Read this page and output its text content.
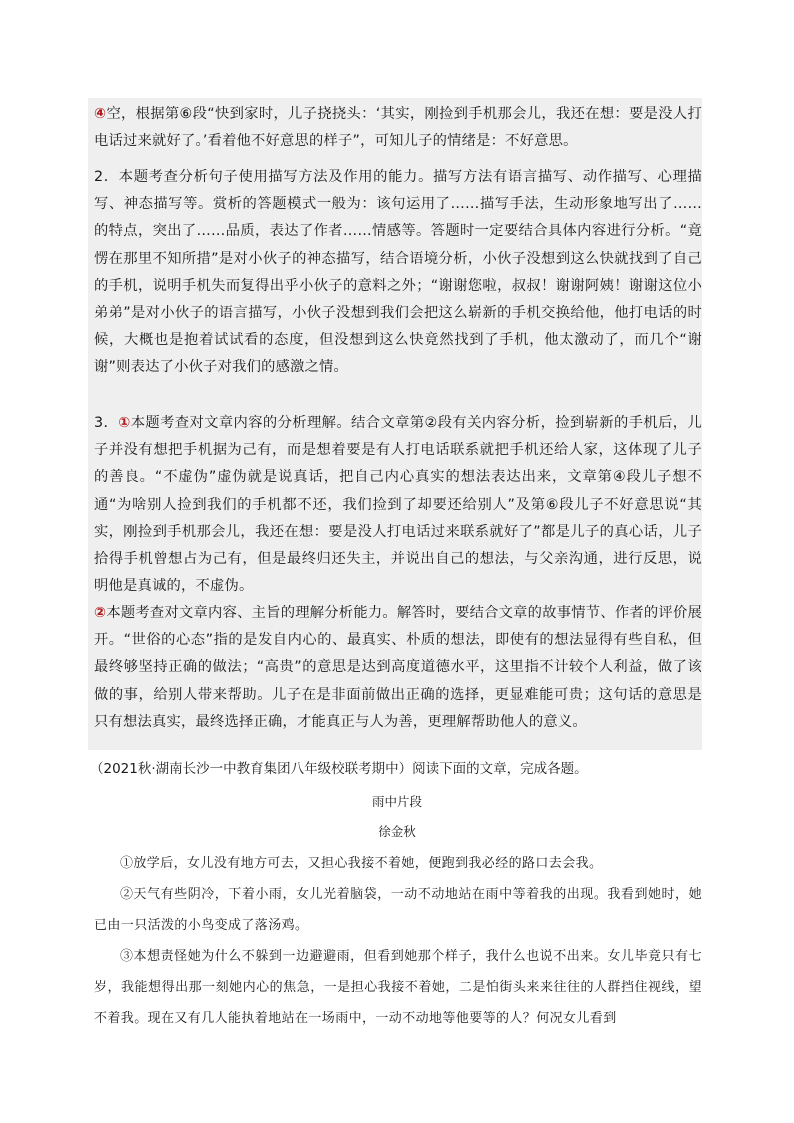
④空，根据第⑥段“快到家时，儿子挠挠头：‘其实，刚捡到手机那会儿，我还在想：要是没人打电话过来就好了。’看着他不好意思的样子”，可知儿子的情绪是：不好意思。

2．本题考查分析句子使用描写方法及作用的能力。描写方法有语言描写、动作描写、心理描写、神态描写等。赏析的答题模式一般为：该句运用了……描写手法，生动形象地写出了……的特点，突出了……品质，表达了作者……情感等。答题时一定要结合具体内容进行分析。“竟愣在那里不知所措”是对小伙子的神态描写，结合语境分析，小伙子没想到这么快就找到了自己的手机，说明手机失而复得出乎小伙子的意料之外；“谢谢您啦，叔叔！谢谢阿姨！谢谢这位小弟弟”是对小伙子的语言描写，小伙子没想到我们会把这么崭新的手机交换给他，他打电话的时候，大概也是抱着试试看的态度，但没想到这么快竟然找到了手机，他太激动了，而几个“谢谢”则表达了小伙子对我们的感激之情。

3．①本题考查对文章内容的分析理解。结合文章第②段有关内容分析，捡到崭新的手机后，儿子并没有想把手机据为己有，而是想着要是有人打电话联系就把手机还给人家，这体现了儿子的善良。“不虚伪”虚伪就是说真话，把自己内心真实的想法表达出来，文章第④段儿子想不通“为啥别人捡到我们的手机都不还，我们捡到了却要还给别人”及第⑥段儿子不好意思说“其实，刚捡到手机那会儿，我还在想：要是没人打电话过来联系就好了”都是儿子的真心话，儿子拾得手机曾想占为己有，但是最终归还失主，并说出自己的想法，与父亲沟通，进行反思，说明他是真诚的，不虚伪。

②本题考查对文章内容、主旨的理解分析能力。解答时，要结合文章的故事情节、作者的评价展开。“世俗的心态”指的是发自内心的、最真实、朴质的想法，即使有的想法显得有些自私，但最终够坚持正确的做法；“高贵”的意思是达到高度道德水平，这里指不计较个人利益，做了该做的事，给别人带来帮助。儿子在是非面前做出正确的选择，更显难能可贵；这句话的意思是只有想法真实，最终选择正确，才能真正与人为善，更理解帮助他人的意义。

（2021秋·湖南长沙一中教育集团八年级校联考期中）阅读下面的文章，完成各题。

雨中片段

徐金秋

①放学后，女儿没有地方可去，又担心我接不着她，便跑到我必经的路口去会我。

②天气有些阴冷，下着小雨，女儿光着脑袋，一动不动地站在雨中等着我的出现。我看到她时，她已由一只活泼的小鸟变成了落汤鸡。

③本想责怪她为什么不躲到一边避避雨，但看到她那个样子，我什么也说不出来。女儿毕竟只有七岁，我能想得出那一刻她内心的焦急，一是担心我接不着她，二是怕街头来来往往的人群挡住视线，望不着我。现在又有几人能执着地站在一场雨中，一动不动地等他要等的人？何况女儿看到
